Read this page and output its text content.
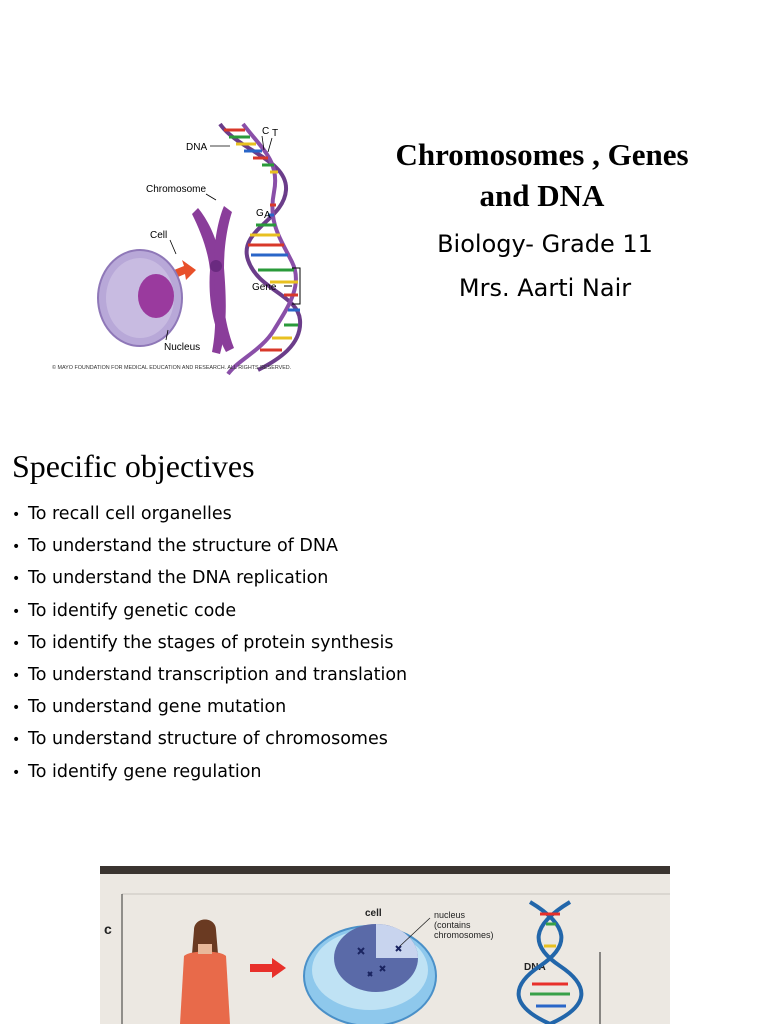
DNA
Chromosome
Cell
Nucleus
Gene
C T
G A
© MAYO FOUNDATION FOR MEDICAL EDUCATION AND RESEARCH. ALL RIGHTS RESERVED.
Chromosomes , Genes
and DNA
Biology- Grade 11
Mrs. Aarti Nair
Specific objectives
• To recall cell organelles
• To understand the structure of DNA
• To understand the DNA replication
• To identify genetic code
• To identify the stages of protein synthesis
• To understand transcription and translation
• To understand gene mutation
• To understand structure of chromosomes
• To identify gene regulation
cell	nucleus (contains chromosomes)
DNA
c
